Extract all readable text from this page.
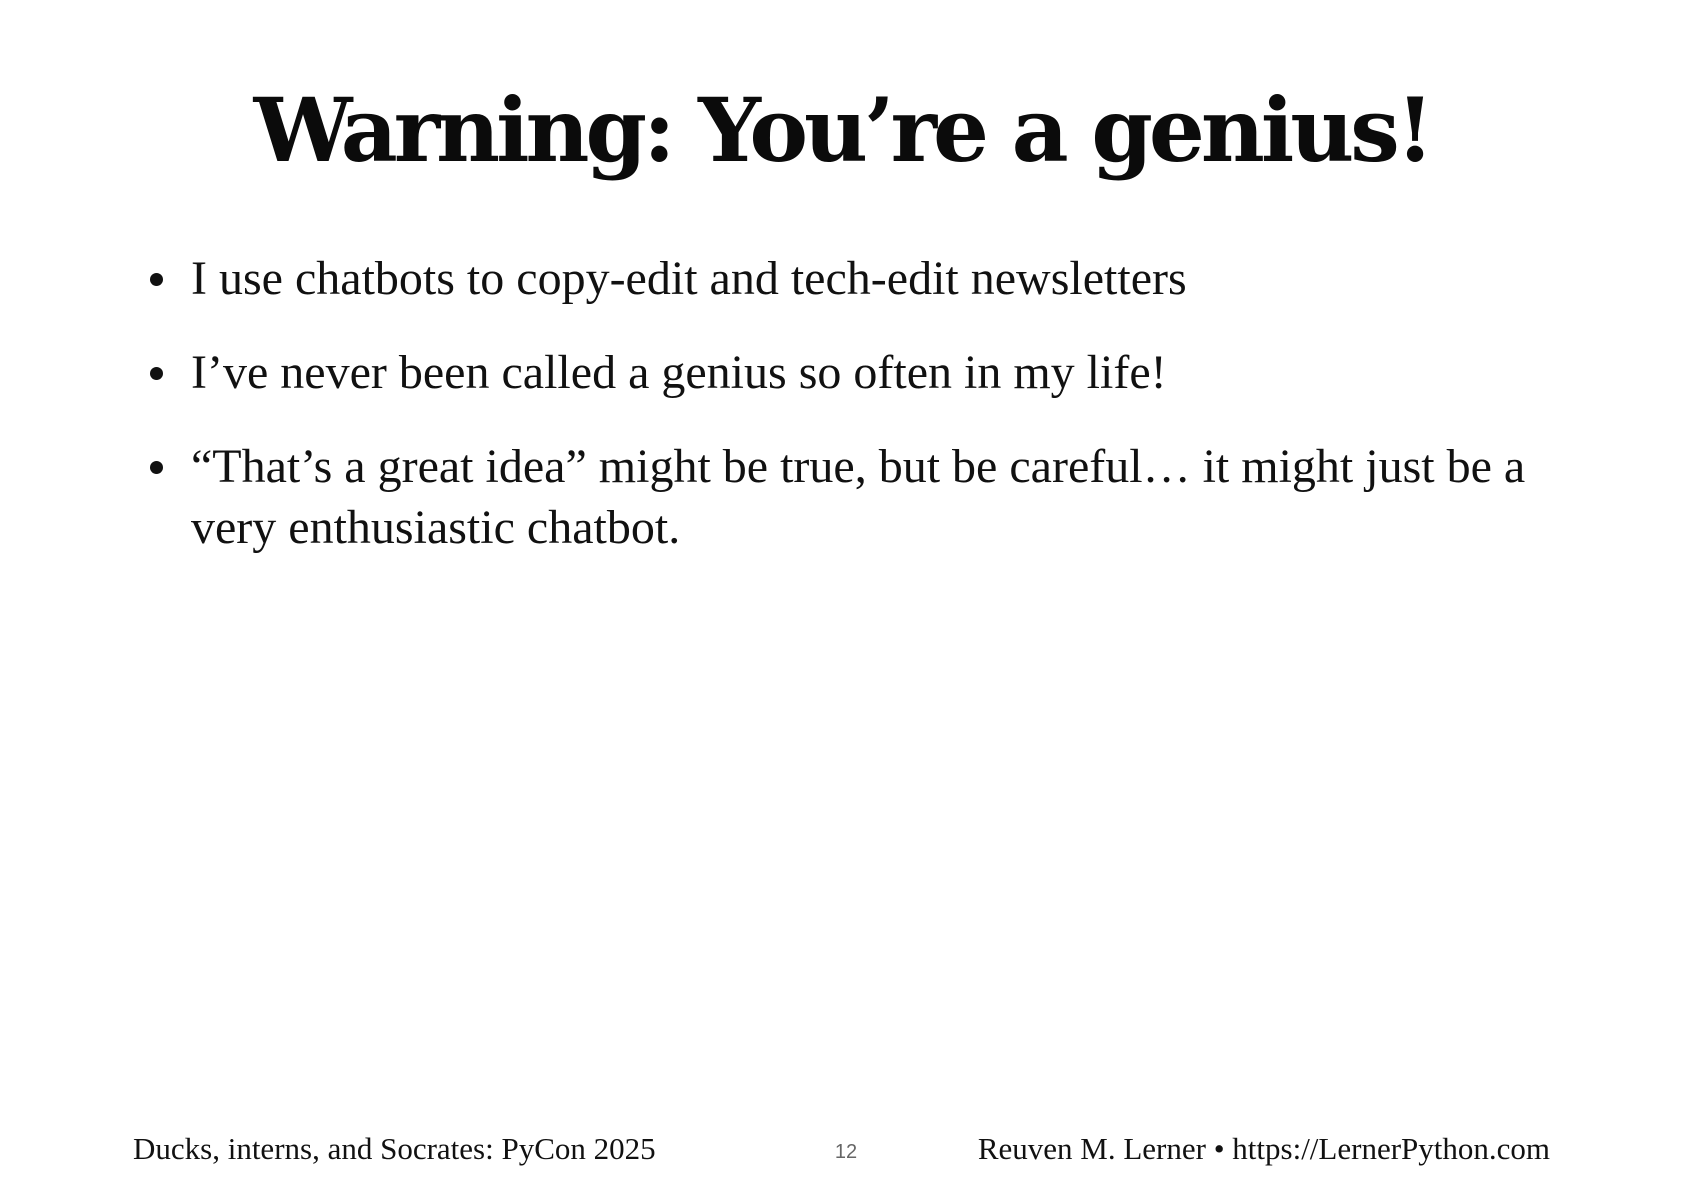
Warning: You’re a genius!
I use chatbots to copy-edit and tech-edit newsletters
I’ve never been called a genius so often in my life!
“That’s a great idea” might be true, but be careful… it might just be a very enthusiastic chatbot.
Ducks, interns, and Socrates: PyCon 2025	12	Reuven M. Lerner • https://LernerPython.com
